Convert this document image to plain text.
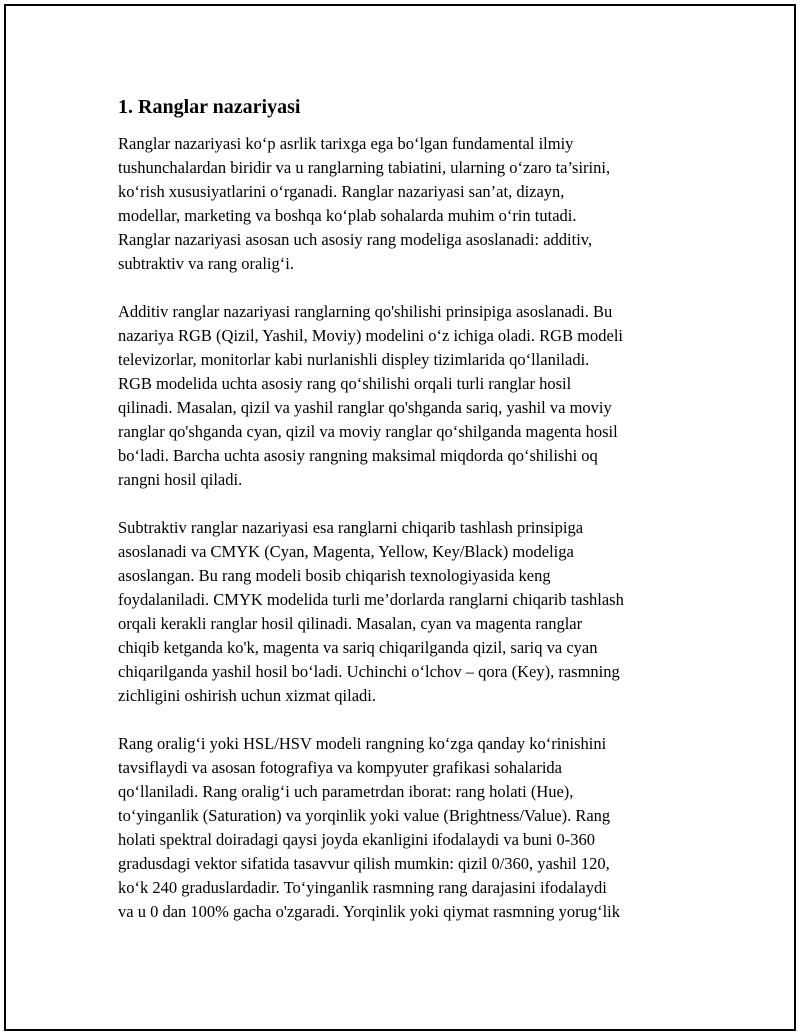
1. Ranglar nazariyasi

Ranglar nazariyasi ko‘p asrlik tarixga ega bo‘lgan fundamental ilmiy
tushunchalardan biridir va u ranglarning tabiatini, ularning o‘zaro ta’sirini,
ko‘rish xususiyatlarini o‘rganadi. Ranglar nazariyasi san’at, dizayn,
modellar, marketing va boshqa ko‘plab sohalarda muhim o‘rin tutadi.
Ranglar nazariyasi asosan uch asosiy rang modeliga asoslanadi: additiv,
subtraktiv va rang oralig‘i.

Additiv ranglar nazariyasi ranglarning qo'shilishi prinsipiga asoslanadi. Bu
nazariya RGB (Qizil, Yashil, Moviy) modelini o‘z ichiga oladi. RGB modeli
televizorlar, monitorlar kabi nurlanishli displey tizimlarida qo‘llaniladi.
RGB modelida uchta asosiy rang qo‘shilishi orqali turli ranglar hosil
qilinadi. Masalan, qizil va yashil ranglar qo'shganda sariq, yashil va moviy
ranglar qo'shganda cyan, qizil va moviy ranglar qo‘shilganda magenta hosil
bo‘ladi. Barcha uchta asosiy rangning maksimal miqdorda qo‘shilishi oq
rangni hosil qiladi.

Subtraktiv ranglar nazariyasi esa ranglarni chiqarib tashlash prinsipiga
asoslanadi va CMYK (Cyan, Magenta, Yellow, Key/Black) modeliga
asoslangan. Bu rang modeli bosib chiqarish texnologiyasida keng
foydalaniladi. CMYK modelida turli me’dorlarda ranglarni chiqarib tashlash
orqali kerakli ranglar hosil qilinadi. Masalan, cyan va magenta ranglar
chiqib ketganda ko'k, magenta va sariq chiqarilganda qizil, sariq va cyan
chiqarilganda yashil hosil bo‘ladi. Uchinchi o‘lchov – qora (Key), rasmning
zichligini oshirish uchun xizmat qiladi.

Rang oralig‘i yoki HSL/HSV modeli rangning ko‘zga qanday ko‘rinishini
tavsiflaydi va asosan fotografiya va kompyuter grafikasi sohalarida
qo‘llaniladi. Rang oralig‘i uch parametrdan iborat: rang holati (Hue),
to‘yinganlik (Saturation) va yorqinlik yoki value (Brightness/Value). Rang
holati spektral doiradagi qaysi joyda ekanligini ifodalaydi va buni 0-360
gradusdagi vektor sifatida tasavvur qilish mumkin: qizil 0/360, yashil 120,
ko‘k 240 graduslardadir. To‘yinganlik rasmning rang darajasini ifodalaydi
va u 0 dan 100% gacha o'zgaradi. Yorqinlik yoki qiymat rasmning yorug‘lik
